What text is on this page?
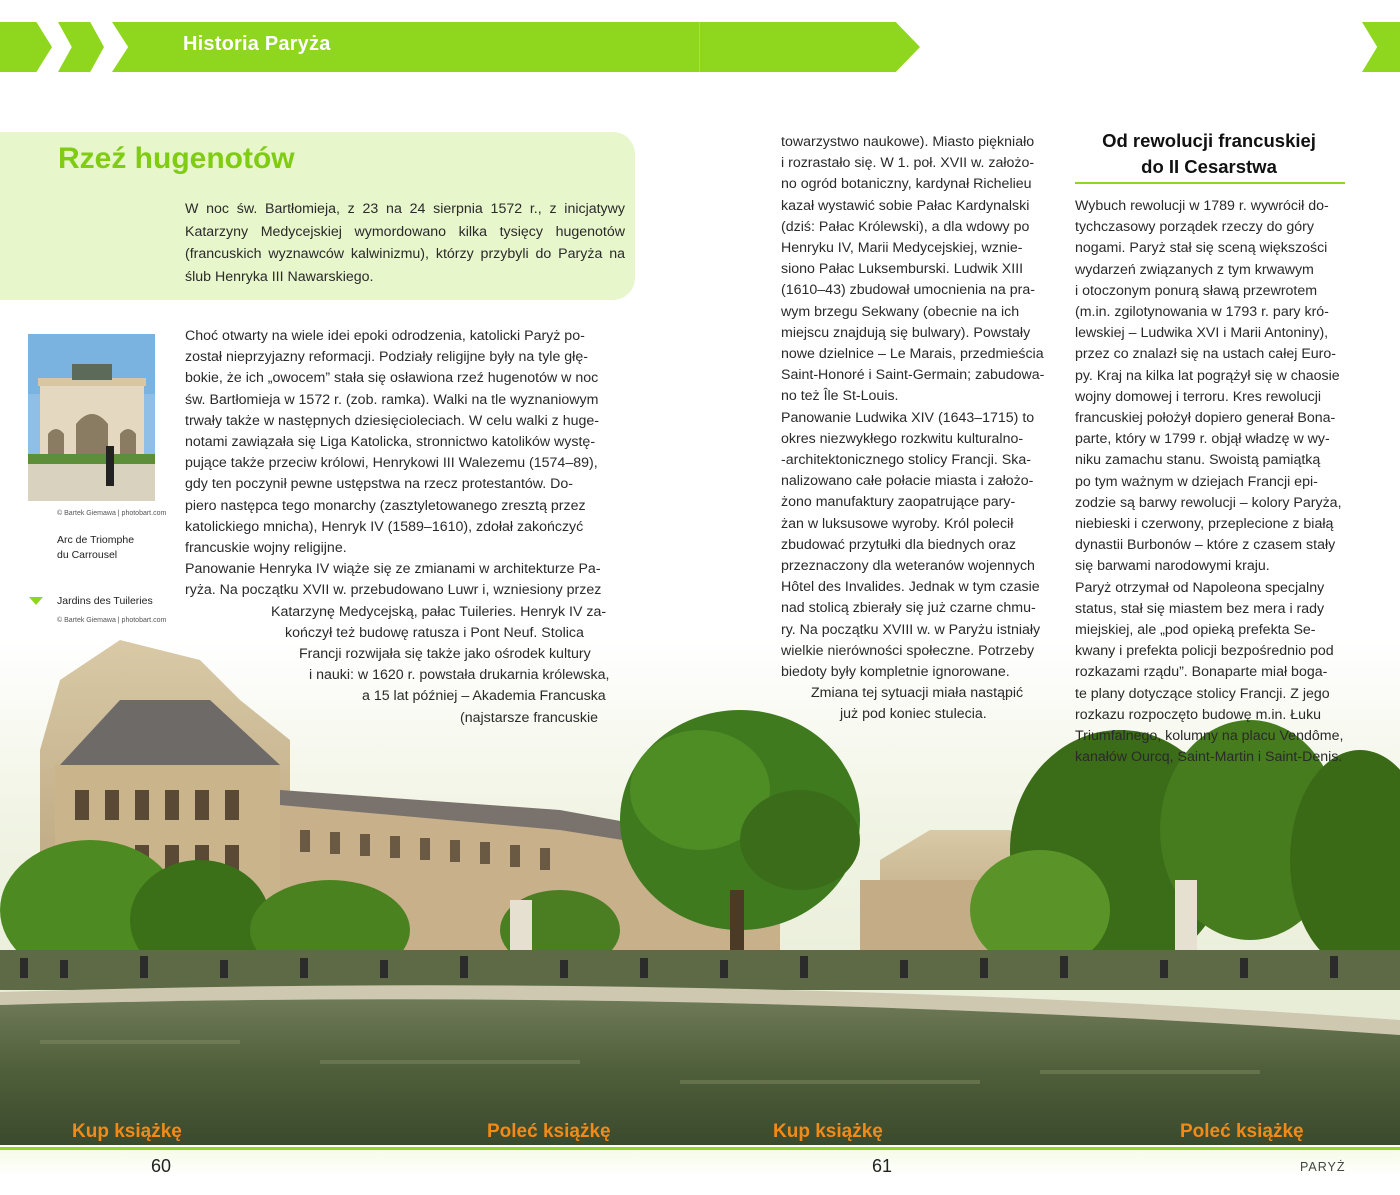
Historia Paryża
Rzeź hugenotów

W noc św. Bartłomieja, z 23 na 24 sierpnia 1572 r., z inicjatywy Katarzyny Medycejskiej wymordowano kilka tysięcy hugenotów (francuskich wyznawców kalwinizmu), którzy przybyli do Paryża na ślub Henryka III Nawarskiego.

© Bartek Giemawa | photobart.com
Arc de Triomphe
du Carrousel
Jardins des Tuileries
© Bartek Giemawa | photobart.com

Choć otwarty na wiele idei epoki odrodzenia, katolicki Paryż po-

został nieprzyjazny reformacji. Podziały religijne były na tyle głę-

bokie, że ich „owocem” stała się osławiona rzeź hugenotów w noc

św. Bartłomieja w 1572 r. (zob. ramka). Walki na tle wyznaniowym

trwały także w następnych dziesięcioleciach. W celu walki z huge-

notami zawiązała się Liga Katolicka, stronnictwo katolików wystę-

pujące także przeciw królowi, Henrykowi III Walezemu (1574–89),

gdy ten poczynił pewne ustępstwa na rzecz protestantów. Do-

piero następca tego monarchy (zasztyletowanego zresztą przez

katolickiego mnicha), Henryk IV (1589–1610), zdołał zakończyć

francuskie wojny religijne.

Panowanie Henryka IV wiąże się ze zmianami w architekturze Pa-

ryża. Na początku XVII w. przebudowano Luwr i, wzniesiony przez

Katarzynę Medycejską, pałac Tuileries. Henryk IV za-

kończył też budowę ratusza i Pont Neuf. Stolica

Francji rozwijała się także jako ośrodek kultury

i nauki: w 1620 r. powstała drukarnia królewska,

a 15 lat później – Akademia Francuska

(najstarsze francuskie

towarzystwo naukowe). Miasto piękniało

i rozrastało się. W 1. poł. XVII w. założo-

no ogród botaniczny, kardynał Richelieu

kazał wystawić sobie Pałac Kardynalski

(dziś: Pałac Królewski), a dla wdowy po

Henryku IV, Marii Medycejskiej, wznie-

siono Pałac Luksemburski. Ludwik XIII

(1610–43) zbudował umocnienia na pra-

wym brzegu Sekwany (obecnie na ich

miejscu znajdują się bulwary). Powstały

nowe dzielnice – Le Marais, przedmieścia

Saint-Honoré i Saint-Germain; zabudowa-

no też Île St-Louis.

Panowanie Ludwika XIV (1643–1715) to

okres niezwykłego rozkwitu kulturalno-

-architektonicznego stolicy Francji. Ska-

nalizowano całe połacie miasta i założo-

żono manufaktury zaopatrujące pary-

żan w luksusowe wyroby. Król polecił

zbudować przytułki dla biednych oraz

przeznaczony dla weteranów wojennych

Hôtel des Invalides. Jednak w tym czasie

nad stolicą zbierały się już czarne chmu-

ry. Na początku XVIII w. w Paryżu istniały

wielkie nierówności społeczne. Potrzeby

biedoty były kompletnie ignorowane.

Zmiana tej sytuacji miała nastąpić

już pod koniec stulecia.

Od rewolucji francuskiej
do II Cesarstwa

Wybuch rewolucji w 1789 r. wywrócił do-

tychczasowy porządek rzeczy do góry

nogami. Paryż stał się sceną większości

wydarzeń związanych z tym krwawym

i otoczonym ponurą sławą przewrotem

(m.in. zgilotynowania w 1793 r. pary kró-

lewskiej – Ludwika XVI i Marii Antoniny),

przez co znalazł się na ustach całej Euro-

py. Kraj na kilka lat pogrążył się w chaosie

wojny domowej i terroru. Kres rewolucji

francuskiej położył dopiero generał Bona-

parte, który w 1799 r. objął władzę w wy-

niku zamachu stanu. Swoistą pamiątką

po tym ważnym w dziejach Francji epi-

zodzie są barwy rewolucji – kolory Paryża,

niebieski i czerwony, przeplecione z białą

dynastii Burbonów – które z czasem stały

się barwami narodowymi kraju.

Paryż otrzymał od Napoleona specjalny

status, stał się miastem bez mera i rady

miejskiej, ale „pod opieką prefekta Se-

kwany i prefekta policji bezpośrednio pod

rozkazami rządu”. Bonaparte miał boga-

te plany dotyczące stolicy Francji. Z jego

rozkazu rozpoczęto budowę m.in. Łuku

Triumfalnego, kolumny na placu Vendôme,

kanałów Ourcq, Saint-Martin i Saint-Denis.

Kup książkę	Poleć książkę	Kup książkę	Poleć książkę
60	61	PARYŻ
